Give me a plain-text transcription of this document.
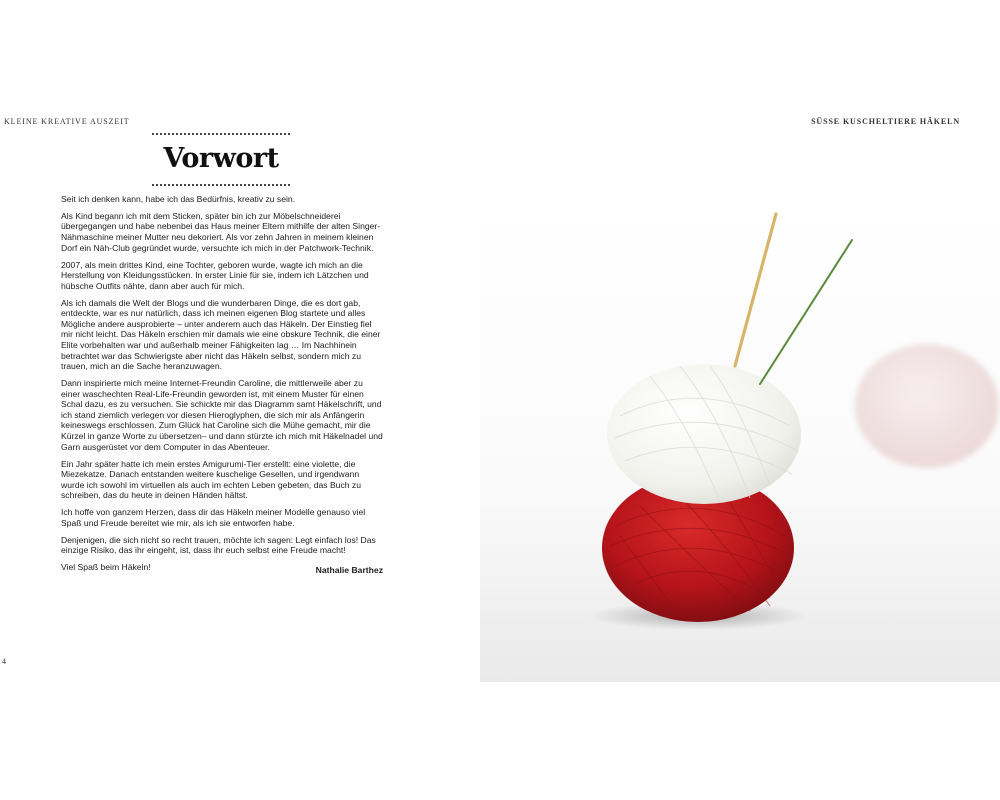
KLEINE KREATIVE AUSZEIT	SÜSSE KUSCHELTIERE HÄKELN
Vorwort

Seit ich denken kann, habe ich das Bedürfnis, kreativ zu sein.

Als Kind begann ich mit dem Sticken, später bin ich zur Möbelschneiderei übergegangen und habe nebenbei das Haus meiner Eltern mithilfe der alten Singer-Nähmaschine meiner Mutter neu dekoriert. Als vor zehn Jahren in meinem kleinen Dorf ein Näh-Club gegründet wurde, versuchte ich mich in der Patchwork-Technik.

2007, als mein drittes Kind, eine Tochter, geboren wurde, wagte ich mich an die Herstellung von Kleidungsstücken. In erster Linie für sie, indem ich Lätzchen und hübsche Outfits nähte, dann aber auch für mich.

Als ich damals die Welt der Blogs und die wunderbaren Dinge, die es dort gab, entdeckte, war es nur natürlich, dass ich meinen eigenen Blog startete und alles Mögliche andere ausprobierte – unter anderem auch das Häkeln. Der Einstieg fiel mir nicht leicht. Das Häkeln erschien mir damals wie eine obskure Technik, die einer Elite vorbehalten war und außerhalb meiner Fähigkeiten lag … Im Nachhinein betrachtet war das Schwierigste aber nicht das Häkeln selbst, sondern mich zu trauen, mich an die Sache heranzuwagen.

Dann inspirierte mich meine Internet-Freundin Caroline, die mittlerweile aber zu einer waschechten Real-Life-Freundin geworden ist, mit einem Muster für einen Schal dazu, es zu versuchen. Sie schickte mir das Diagramm samt Häkelschrift, und ich stand ziemlich verlegen vor diesen Hieroglyphen, die sich mir als Anfängerin keineswegs erschlossen. Zum Glück hat Caroline sich die Mühe gemacht, mir die Kürzel in ganze Worte zu übersetzen– und dann stürzte ich mich mit Häkelnadel und Garn ausgerüstet vor dem Computer in das Abenteuer.

Ein Jahr später hatte ich mein erstes Amigurumi-Tier erstellt: eine violette, die Miezekatze. Danach entstanden weitere kuschelige Gesellen, und irgendwann wurde ich sowohl im virtuellen als auch im echten Leben gebeten, das Buch zu schreiben, das du heute in deinen Händen hältst.

Ich hoffe von ganzem Herzen, dass dir das Häkeln meiner Modelle genauso viel Spaß und Freude bereitet wie mir, als ich sie entworfen habe.

Denjenigen, die sich nicht so recht trauen, möchte ich sagen: Legt einfach los! Das einzige Risiko, das ihr eingeht, ist, dass ihr euch selbst eine Freude macht!

Viel Spaß beim Häkeln!	Nathalie Barthez
4
